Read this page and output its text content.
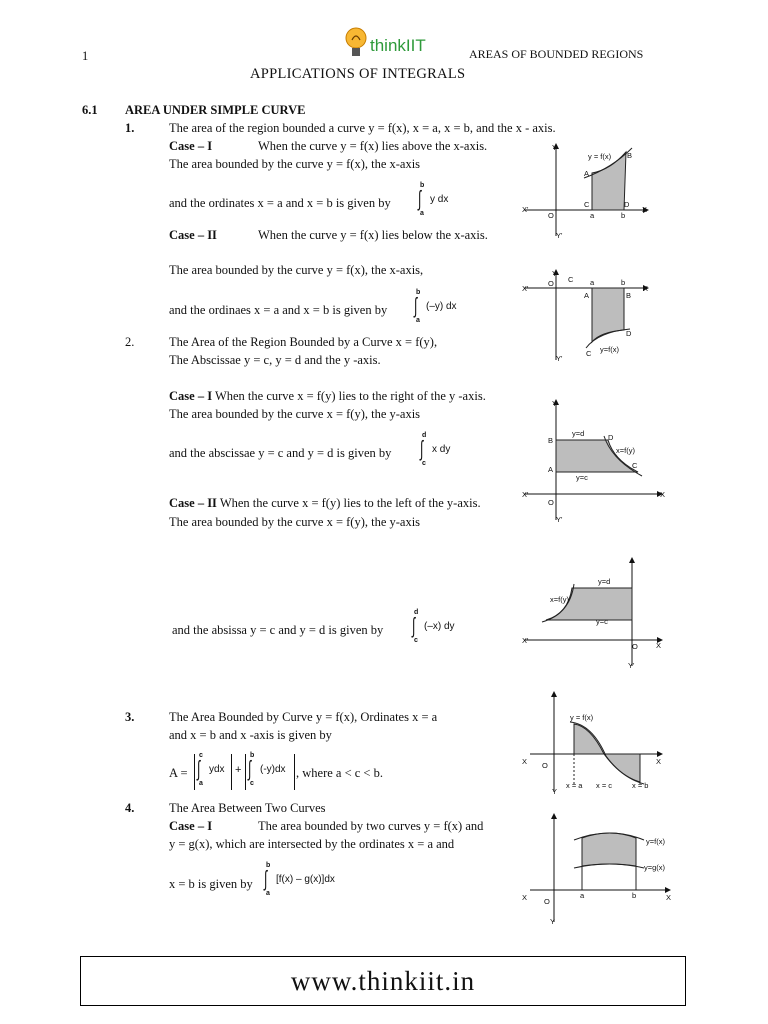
1
thinkIIT	AREAS OF BOUNDED REGIONS
APPLICATIONS OF INTEGRALS
6.1 AREA UNDER SIMPLE CURVE
1.	The area of the region bounded a curve y = f(x), x = a, x = b, and the x - axis.
Case – I	When the curve y = f(x) lies above the x-axis.
The area bounded by the curve y = f(x), the x-axis
and the ordinates x = a and x = b is given by ∫
b
a
y dx
Case – II	When the curve y = f(x) lies below the x-axis.
The area bounded by the curve y = f(x), the x-axis,
and the ordinaes x = a and x = b is given by ∫
b
a
(–y) dx
2.	The Area of the Region Bounded by a Curve x = f(y),
The Abscissae y = c, y = d and the y -axis.
Case – I When the curve x = f(y) lies to the right of the y -axis.
The area bounded by the curve x = f(y), the y-axis
and the abscissae y = c and y = d is given by ∫
d
c
x dy
Case – II When the curve x = f(y) lies to the left of the y-axis.
The area bounded by the curve x = f(y), the y-axis
and the absissa y = c and y = d is given by ∫
d
c
(–x) dy
3.	The Area Bounded by Curve y = f(x), Ordinates x = a
and x = b and x -axis is given by
A = ∫
c
a
ydx + ∫
b
c
(-y)dx , where a < c < b.
4.	The Area Between Two Curves
Case – I	The area bounded by two curves y = f(x) and
y = g(x), which are intersected by the ordinates x = a and
x = b is given by ∫
b
a
[f(x) – g(x)]dx
Y
Y'
X
X'
O
y = f(x)
A
B
C	D
a	b
Y
Y'
X
X'
O
y=f(x)
A	B
C
C
D
a	b
Y
Y'
X
X'
O
y=d
y=c
x=f(y)
A
B
C
D
X'
X
O
Y'
y=d
y=c
x=f(y)
X	X
O
Y
y = f(x)
x = a x = c	x = b
X	X
O
Y
y=f(x)
y=g(x)
a	b
www.thinkiit.in
